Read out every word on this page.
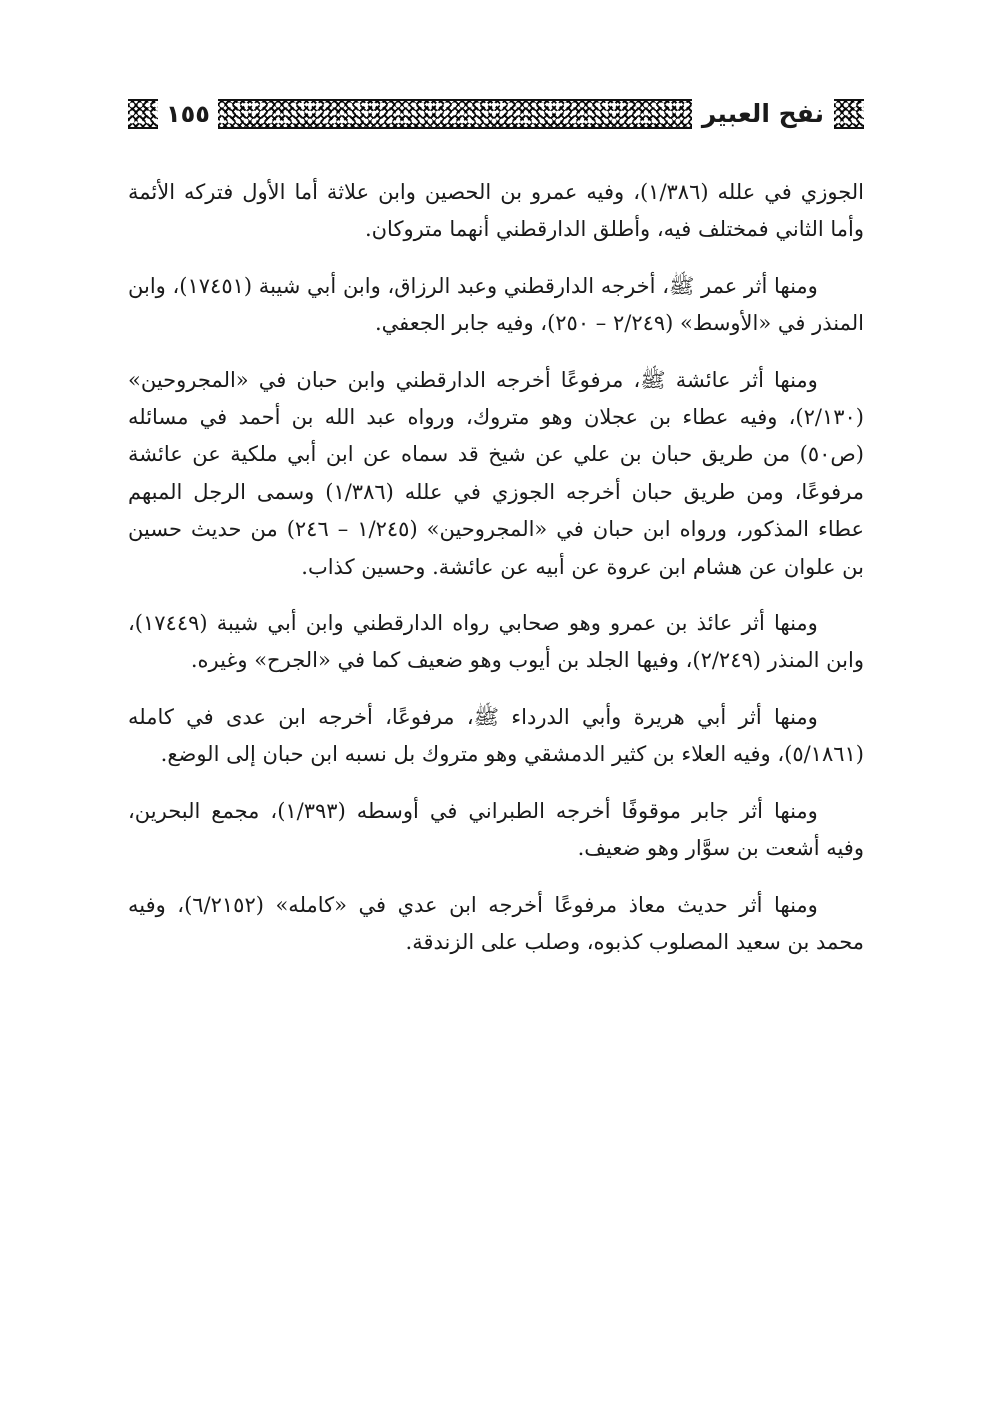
نفح العبير
١٥٥

الجوزي في علله (١/٣٨٦)، وفيه عمرو بن الحصين وابن علاثة أما الأول فتركه الأئمة وأما الثاني فمختلف فيه، وأطلق الدارقطني أنهما متروكان.

ومنها أثر عمر ﷺ، أخرجه الدارقطني وعبد الرزاق، وابن أبي شيبة (١٧٤٥١)، وابن المنذر في «الأوسط» (٢/٢٤٩ – ٢٥٠)، وفيه جابر الجعفي.

ومنها أثر عائشة ﷺ، مرفوعًا أخرجه الدارقطني وابن حبان في «المجروحين» (٢/١٣٠)، وفيه عطاء بن عجلان وهو متروك، ورواه عبد الله بن أحمد في مسائله (ص٥٠) من طريق حبان بن علي عن شيخ قد سماه عن ابن أبي ملكية عن عائشة مرفوعًا، ومن طريق حبان أخرجه الجوزي في علله (١/٣٨٦) وسمى الرجل المبهم عطاء المذكور، ورواه ابن حبان في «المجروحين» (١/٢٤٥ – ٢٤٦) من حديث حسين بن علوان عن هشام ابن عروة عن أبيه عن عائشة. وحسين كذاب.

ومنها أثر عائذ بن عمرو وهو صحابي رواه الدارقطني وابن أبي شيبة (١٧٤٤٩)، وابن المنذر (٢/٢٤٩)، وفيها الجلد بن أيوب وهو ضعيف كما في «الجرح» وغيره.

ومنها أثر أبي هريرة وأبي الدرداء ﷺ، مرفوعًا، أخرجه ابن عدى في كامله (٥/١٨٦١)، وفيه العلاء بن كثير الدمشقي وهو متروك بل نسبه ابن حبان إلى الوضع.

ومنها أثر جابر موقوفًا أخرجه الطبراني في أوسطه (١/٣٩٣)، مجمع البحرين، وفيه أشعت بن سوَّار وهو ضعيف.

ومنها أثر حديث معاذ مرفوعًا أخرجه ابن عدي في «كامله» (٦/٢١٥٢)، وفيه محمد بن سعيد المصلوب كذبوه، وصلب على الزندقة.
